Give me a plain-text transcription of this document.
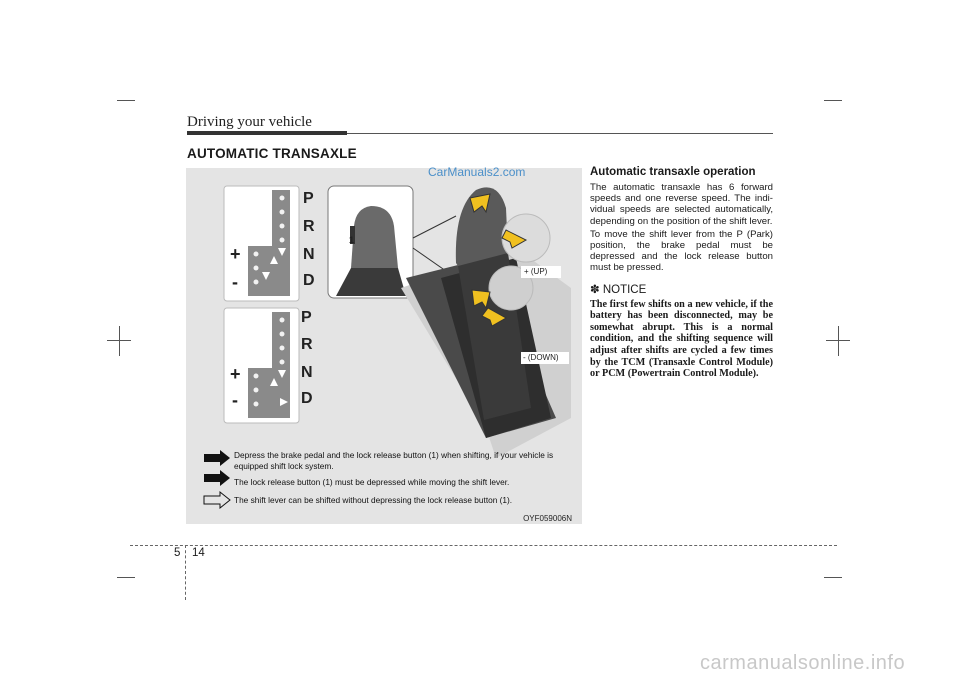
Driving your vehicle
AUTOMATIC TRANSAXLE
P
R
N
D
+
-
P
R
N
D
+
-
1
+ (UP)
- (DOWN)
Depress the brake pedal and the lock release button (1) when shifting, if your vehicle is equipped shift lock system.
The lock release button (1) must be depressed while moving the shift lever.
The shift lever can be shifted without depressing the lock release button (1).
OYF059006N
CarManuals2.com	Automatic transaxle operation

The automatic transaxle has 6 forward speeds and one reverse speed. The indi-vidual speeds are selected automatically, depending on the position of the shift lever.

To move the shift lever from the P (Park) position, the brake pedal must be depressed and the lock release button must be pressed.

✽ NOTICE

The first few shifts on a new vehicle, if the battery has been disconnected, may be somewhat abrupt. This is a normal condition, and the shifting sequence will adjust after shifts are cycled a few times by the TCM (Transaxle Control Module) or PCM (Powertrain Control Module).

5 14
carmanualsonline.info
